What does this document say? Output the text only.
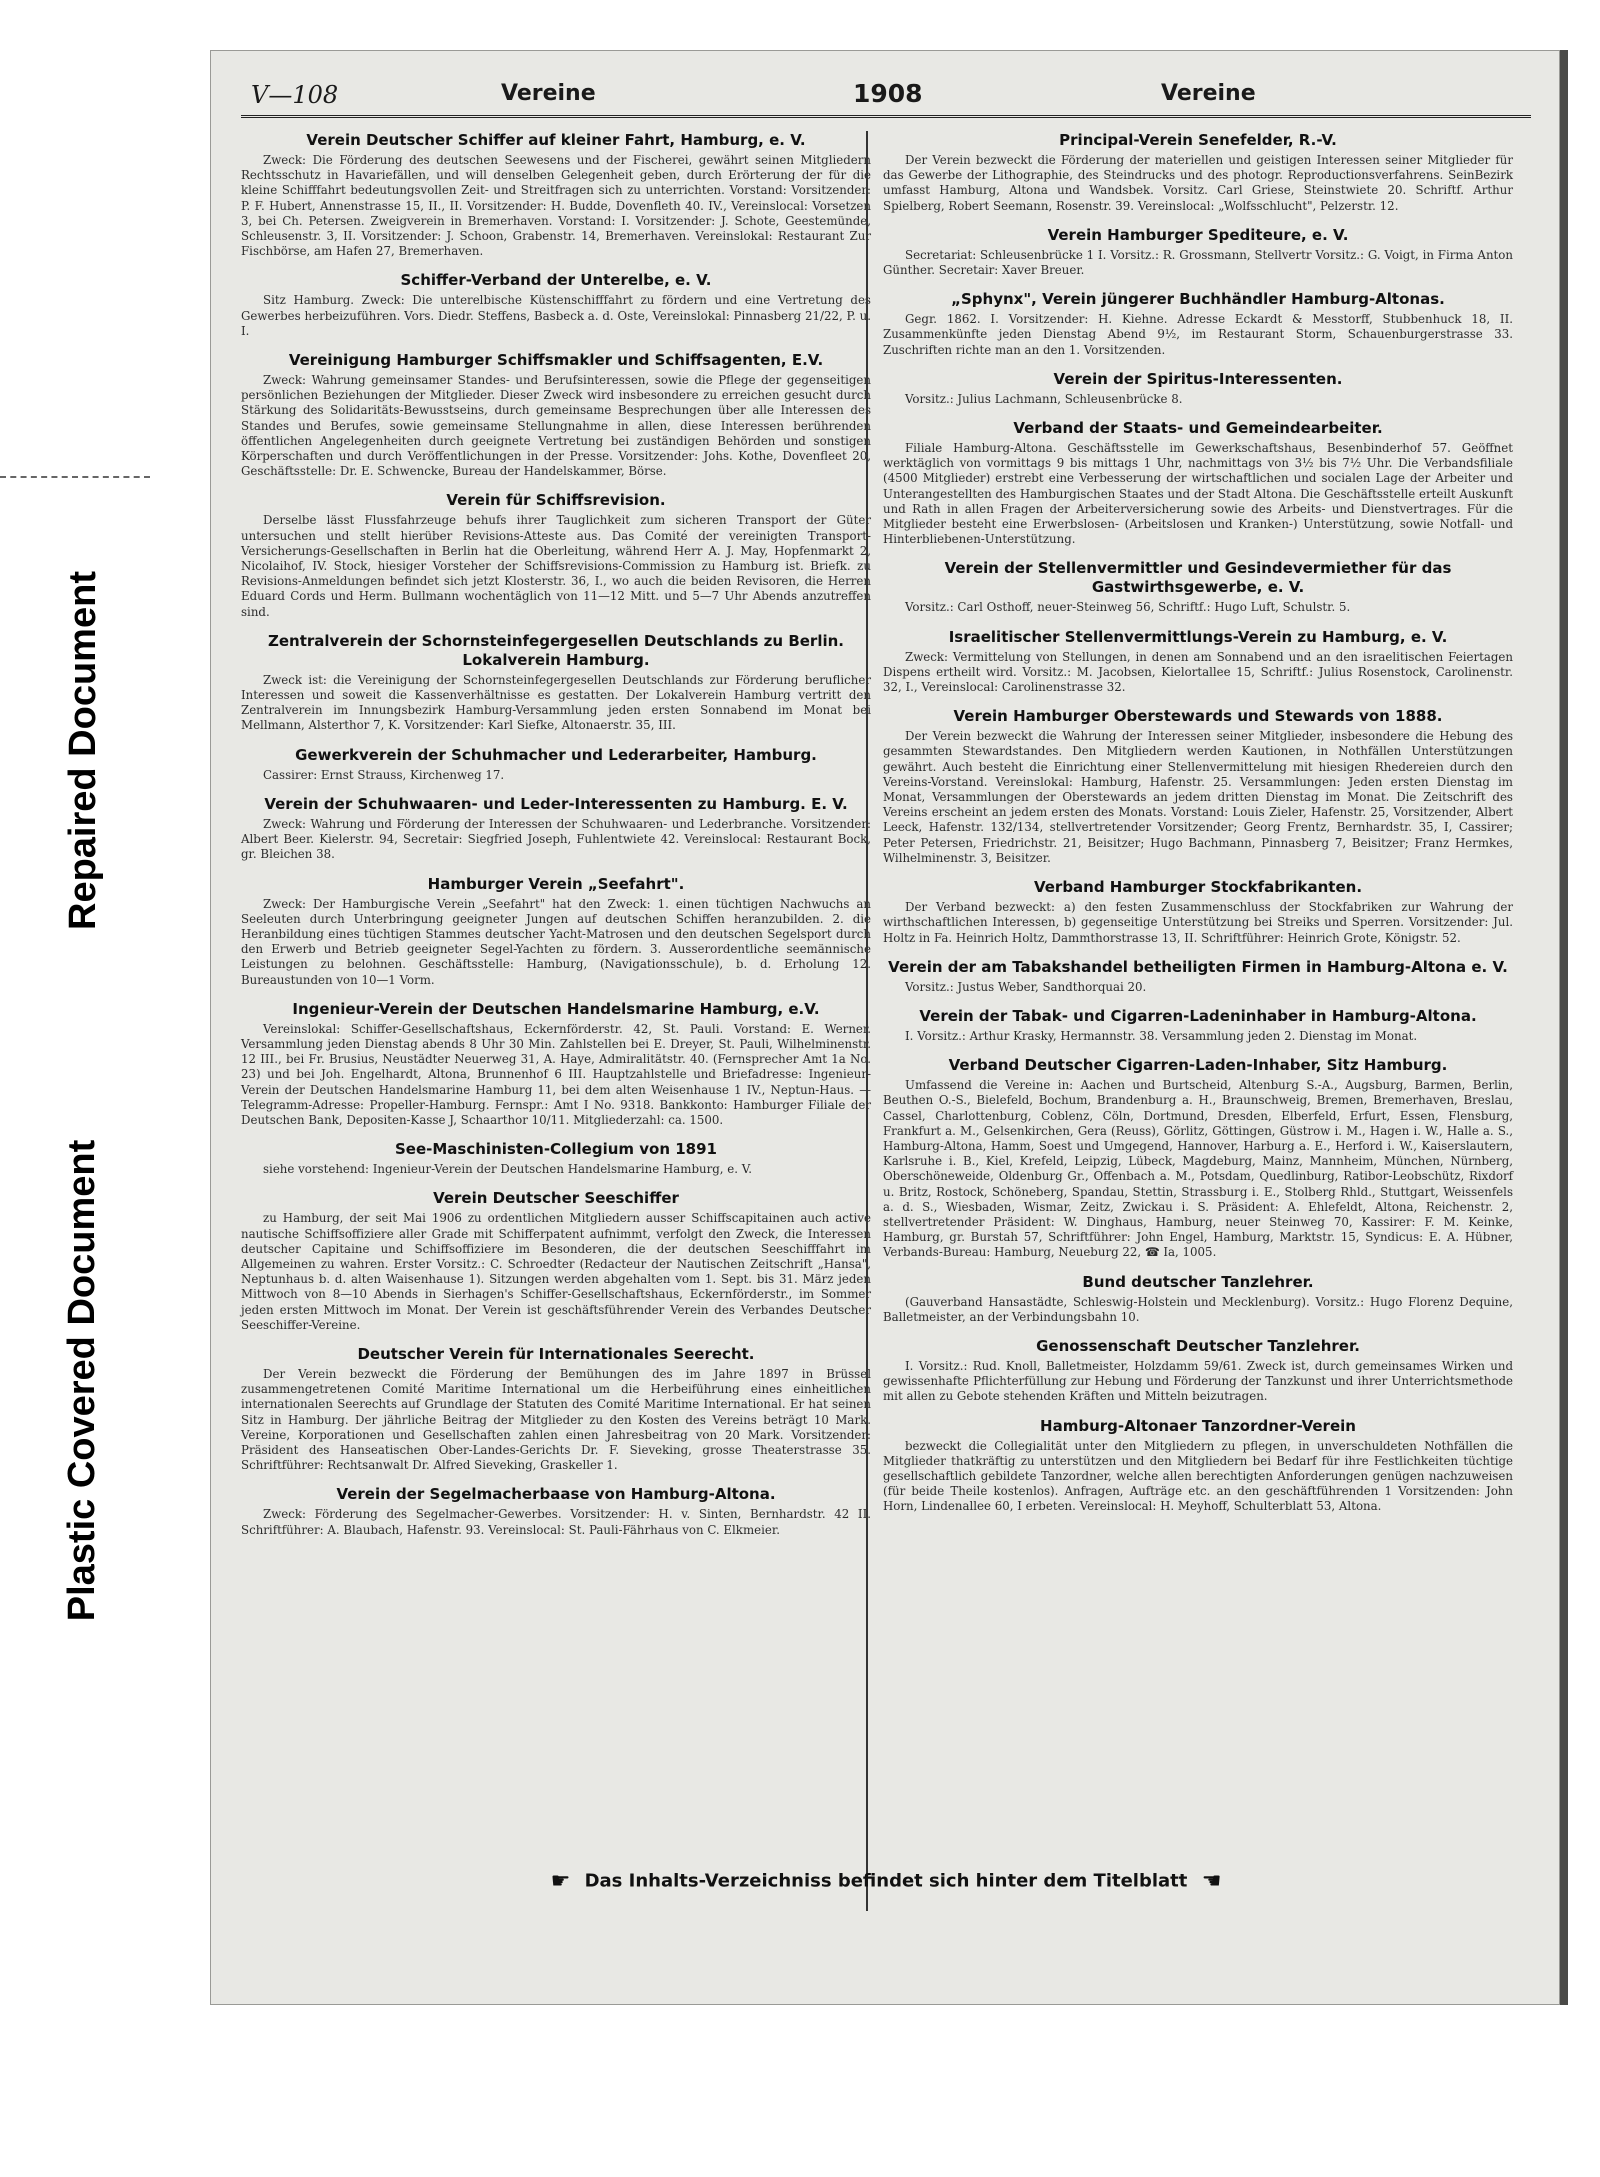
Repaired Document
Plastic Covered Document
V—108	Vereine	1908	Vereine
Verein Deutscher Schiffer auf kleiner Fahrt, Hamburg, e. V.

Zweck: Die Förderung des deutschen Seewesens und der Fischerei, gewährt seinen Mitgliedern Rechtsschutz in Havariefällen, und will denselben Gelegenheit geben, durch Erörterung der für die kleine Schifffahrt bedeutungsvollen Zeit- und Streitfragen sich zu unterrichten. Vorstand: Vorsitzender: P. F. Hubert, Annenstrasse 15, II., II. Vorsitzender: H. Budde, Dovenfleth 40. IV., Vereinslocal: Vorsetzen 3, bei Ch. Petersen. Zweigverein in Bremerhaven. Vorstand: I. Vorsitzender: J. Schote, Geestemünde, Schleusenstr. 3, II. Vorsitzender: J. Schoon, Grabenstr. 14, Bremerhaven. Vereinslokal: Restaurant Zur Fischbörse, am Hafen 27, Bremerhaven.

Schiffer-Verband der Unterelbe, e. V.

Sitz Hamburg. Zweck: Die unterelbische Küstenschifffahrt zu fördern und eine Vertretung des Gewerbes herbeizuführen. Vors. Diedr. Steffens, Basbeck a. d. Oste, Vereinslokal: Pinnasberg 21/22, P. u. I.

Vereinigung Hamburger Schiffsmakler und Schiffsagenten, E.V.

Zweck: Wahrung gemeinsamer Standes- und Berufsinteressen, sowie die Pflege der gegenseitigen persönlichen Beziehungen der Mitglieder. Dieser Zweck wird insbesondere zu erreichen gesucht durch Stärkung des Solidaritäts-Bewusstseins, durch gemeinsame Besprechungen über alle Interessen des Standes und Berufes, sowie gemeinsame Stellungnahme in allen, diese Interessen berührenden öffentlichen Angelegenheiten durch geeignete Vertretung bei zuständigen Behörden und sonstigen Körperschaften und durch Veröffentlichungen in der Presse. Vorsitzender: Johs. Kothe, Dovenfleet 20, Geschäftsstelle: Dr. E. Schwencke, Bureau der Handelskammer, Börse.

Verein für Schiffsrevision.

Derselbe lässt Flussfahrzeuge behufs ihrer Tauglichkeit zum sicheren Transport der Güter untersuchen und stellt hierüber Revisions-Atteste aus. Das Comité der vereinigten Transport-Versicherungs-Gesellschaften in Berlin hat die Oberleitung, während Herr A. J. May, Hopfenmarkt 2, Nicolaihof, IV. Stock, hiesiger Vorsteher der Schiffsrevisions-Commission zu Hamburg ist. Briefk. zu Revisions-Anmeldungen befindet sich jetzt Klosterstr. 36, I., wo auch die beiden Revisoren, die Herren Eduard Cords und Herm. Bullmann wochentäglich von 11—12 Mitt. und 5—7 Uhr Abends anzutreffen sind.

Zentralverein der Schornsteinfegergesellen Deutschlands zu Berlin. Lokalverein Hamburg.

Zweck ist: die Vereinigung der Schornsteinfegergesellen Deutschlands zur Förderung beruflicher Interessen und soweit die Kassenverhältnisse es gestatten. Der Lokalverein Hamburg vertritt den Zentralverein im Innungsbezirk Hamburg-Versammlung jeden ersten Sonnabend im Monat bei Mellmann, Alsterthor 7, K. Vorsitzender: Karl Siefke, Altonaerstr. 35, III.

Gewerkverein der Schuhmacher und Lederarbeiter, Hamburg.

Cassirer: Ernst Strauss, Kirchenweg 17.

Verein der Schuhwaaren- und Leder-Interessenten zu Hamburg. E. V.

Zweck: Wahrung und Förderung der Interessen der Schuhwaaren- und Lederbranche. Vorsitzender: Albert Beer. Kielerstr. 94, Secretair: Siegfried Joseph, Fuhlentwiete 42. Vereinslocal: Restaurant Bock, gr. Bleichen 38.

Hamburger Verein „Seefahrt".

Zweck: Der Hamburgische Verein „Seefahrt" hat den Zweck: 1. einen tüchtigen Nachwuchs an Seeleuten durch Unterbringung geeigneter Jungen auf deutschen Schiffen heranzubilden. 2. die Heranbildung eines tüchtigen Stammes deutscher Yacht-Matrosen und den deutschen Segelsport durch den Erwerb und Betrieb geeigneter Segel-Yachten zu fördern. 3. Ausserordentliche seemännische Leistungen zu belohnen. Geschäftsstelle: Hamburg, (Navigationsschule), b. d. Erholung 12. Bureaustunden von 10—1 Vorm.

Ingenieur-Verein der Deutschen Handelsmarine Hamburg, e.V.

Vereinslokal: Schiffer-Gesellschaftshaus, Eckernförderstr. 42, St. Pauli. Vorstand: E. Werner. Versammlung jeden Dienstag abends 8 Uhr 30 Min. Zahlstellen bei E. Dreyer, St. Pauli, Wilhelminenstr. 12 III., bei Fr. Brusius, Neustädter Neuerweg 31, A. Haye, Admiralitätstr. 40. (Fernsprecher Amt 1a No. 23) und bei Joh. Engelhardt, Altona, Brunnenhof 6 III. Hauptzahlstelle und Briefadresse: Ingenieur-Verein der Deutschen Handelsmarine Hamburg 11, bei dem alten Weisenhause 1 IV., Neptun-Haus. — Telegramm-Adresse: Propeller-Hamburg. Fernspr.: Amt I No. 9318. Bankkonto: Hamburger Filiale der Deutschen Bank, Depositen-Kasse J, Schaarthor 10/11. Mitgliederzahl: ca. 1500.

See-Maschinisten-Collegium von 1891

siehe vorstehend: Ingenieur-Verein der Deutschen Handelsmarine Hamburg, e. V.

Verein Deutscher Seeschiffer

zu Hamburg, der seit Mai 1906 zu ordentlichen Mitgliedern ausser Schiffscapitainen auch active nautische Schiffsoffiziere aller Grade mit Schifferpatent aufnimmt, verfolgt den Zweck, die Interessen deutscher Capitaine und Schiffsoffiziere im Besonderen, die der deutschen Seeschifffahrt im Allgemeinen zu wahren. Erster Vorsitz.: C. Schroedter (Redacteur der Nautischen Zeitschrift „Hansa", Neptunhaus b. d. alten Waisenhause 1). Sitzungen werden abgehalten vom 1. Sept. bis 31. März jeden Mittwoch von 8—10 Abends in Sierhagen's Schiffer-Gesellschaftshaus, Eckernförderstr., im Sommer jeden ersten Mittwoch im Monat. Der Verein ist geschäftsführender Verein des Verbandes Deutscher Seeschiffer-Vereine.

Deutscher Verein für Internationales Seerecht.

Der Verein bezweckt die Förderung der Bemühungen des im Jahre 1897 in Brüssel zusammengetretenen Comité Maritime International um die Herbeiführung eines einheitlichen internationalen Seerechts auf Grundlage der Statuten des Comité Maritime International. Er hat seinen Sitz in Hamburg. Der jährliche Beitrag der Mitglieder zu den Kosten des Vereins beträgt 10 Mark. Vereine, Korporationen und Gesellschaften zahlen einen Jahresbeitrag von 20 Mark. Vorsitzender: Präsident des Hanseatischen Ober-Landes-Gerichts Dr. F. Sieveking, grosse Theaterstrasse 35. Schriftführer: Rechtsanwalt Dr. Alfred Sieveking, Graskeller 1.

Verein der Segelmacherbaase von Hamburg-Altona.

Zweck: Förderung des Segelmacher-Gewerbes. Vorsitzender: H. v. Sinten, Bernhardstr. 42 II. Schriftführer: A. Blaubach, Hafenstr. 93. Vereinslocal: St. Pauli-Fährhaus von C. Elkmeier.

Principal-Verein Senefelder, R.-V.

Der Verein bezweckt die Förderung der materiellen und geistigen Interessen seiner Mitglieder für das Gewerbe der Lithographie, des Steindrucks und des photogr. Reproductionsverfahrens. SeinBezirk umfasst Hamburg, Altona und Wandsbek. Vorsitz. Carl Griese, Steinstwiete 20. Schriftf. Arthur Spielberg, Robert Seemann, Rosenstr. 39. Vereinslocal: „Wolfsschlucht", Pelzerstr. 12.

Verein Hamburger Spediteure, e. V.

Secretariat: Schleusenbrücke 1 I. Vorsitz.: R. Grossmann, Stellvertr Vorsitz.: G. Voigt, in Firma Anton Günther. Secretair: Xaver Breuer.

„Sphynx", Verein jüngerer Buchhändler Hamburg-Altonas.

Gegr. 1862. I. Vorsitzender: H. Kiehne. Adresse Eckardt & Messtorff, Stubbenhuck 18, II. Zusammenkünfte jeden Dienstag Abend 9½, im Restaurant Storm, Schauenburgerstrasse 33. Zuschriften richte man an den 1. Vorsitzenden.

Verein der Spiritus-Interessenten.

Vorsitz.: Julius Lachmann, Schleusenbrücke 8.

Verband der Staats- und Gemeindearbeiter.

Filiale Hamburg-Altona. Geschäftsstelle im Gewerkschaftshaus, Besenbinderhof 57. Geöffnet werktäglich von vormittags 9 bis mittags 1 Uhr, nachmittags von 3½ bis 7½ Uhr. Die Verbandsfiliale (4500 Mitglieder) erstrebt eine Verbesserung der wirtschaftlichen und socialen Lage der Arbeiter und Unterangestellten des Hamburgischen Staates und der Stadt Altona. Die Geschäftsstelle erteilt Auskunft und Rath in allen Fragen der Arbeiterversicherung sowie des Arbeits- und Dienstvertrages. Für die Mitglieder besteht eine Erwerbslosen- (Arbeitslosen und Kranken-) Unterstützung, sowie Notfall- und Hinterbliebenen-Unterstützung.

Verein der Stellenvermittler und Gesindevermiether für das Gastwirthsgewerbe, e. V.

Vorsitz.: Carl Osthoff, neuer-Steinweg 56, Schriftf.: Hugo Luft, Schulstr. 5.

Israelitischer Stellenvermittlungs-Verein zu Hamburg, e. V.

Zweck: Vermittelung von Stellungen, in denen am Sonnabend und an den israelitischen Feiertagen Dispens ertheilt wird. Vorsitz.: M. Jacobsen, Kielortallee 15, Schriftf.: Julius Rosenstock, Carolinenstr. 32, I., Vereinslocal: Carolinenstrasse 32.

Verein Hamburger Oberstewards und Stewards von 1888.

Der Verein bezweckt die Wahrung der Interessen seiner Mitglieder, insbesondere die Hebung des gesammten Stewardstandes. Den Mitgliedern werden Kautionen, in Nothfällen Unterstützungen gewährt. Auch besteht die Einrichtung einer Stellenvermittelung mit hiesigen Rhedereien durch den Vereins-Vorstand. Vereinslokal: Hamburg, Hafenstr. 25. Versammlungen: Jeden ersten Dienstag im Monat, Versammlungen der Oberstewards an jedem dritten Dienstag im Monat. Die Zeitschrift des Vereins erscheint an jedem ersten des Monats. Vorstand: Louis Zieler, Hafenstr. 25, Vorsitzender, Albert Leeck, Hafenstr. 132/134, stellvertretender Vorsitzender; Georg Frentz, Bernhardstr. 35, I, Cassirer; Peter Petersen, Friedrichstr. 21, Beisitzer; Hugo Bachmann, Pinnasberg 7, Beisitzer; Franz Hermkes, Wilhelminenstr. 3, Beisitzer.

Verband Hamburger Stockfabrikanten.

Der Verband bezweckt: a) den festen Zusammenschluss der Stockfabriken zur Wahrung der wirthschaftlichen Interessen, b) gegenseitige Unterstützung bei Streiks und Sperren. Vorsitzender: Jul. Holtz in Fa. Heinrich Holtz, Dammthorstrasse 13, II. Schriftführer: Heinrich Grote, Königstr. 52.

Verein der am Tabakshandel betheiligten Firmen in Hamburg-Altona e. V.

Vorsitz.: Justus Weber, Sandthorquai 20.

Verein der Tabak- und Cigarren-Ladeninhaber in Hamburg-Altona.

I. Vorsitz.: Arthur Krasky, Hermannstr. 38. Versammlung jeden 2. Dienstag im Monat.

Verband Deutscher Cigarren-Laden-Inhaber, Sitz Hamburg.

Umfassend die Vereine in: Aachen und Burtscheid, Altenburg S.-A., Augsburg, Barmen, Berlin, Beuthen O.-S., Bielefeld, Bochum, Brandenburg a. H., Braunschweig, Bremen, Bremerhaven, Breslau, Cassel, Charlottenburg, Coblenz, Cöln, Dortmund, Dresden, Elberfeld, Erfurt, Essen, Flensburg, Frankfurt a. M., Gelsenkirchen, Gera (Reuss), Görlitz, Göttingen, Güstrow i. M., Hagen i. W., Halle a. S., Hamburg-Altona, Hamm, Soest und Umgegend, Hannover, Harburg a. E., Herford i. W., Kaiserslautern, Karlsruhe i. B., Kiel, Krefeld, Leipzig, Lübeck, Magdeburg, Mainz, Mannheim, München, Nürnberg, Oberschöneweide, Oldenburg Gr., Offenbach a. M., Potsdam, Quedlinburg, Ratibor-Leobschütz, Rixdorf u. Britz, Rostock, Schöneberg, Spandau, Stettin, Strassburg i. E., Stolberg Rhld., Stuttgart, Weissenfels a. d. S., Wiesbaden, Wismar, Zeitz, Zwickau i. S. Präsident: A. Ehlefeldt, Altona, Reichenstr. 2, stellvertretender Präsident: W. Dinghaus, Hamburg, neuer Steinweg 70, Kassirer: F. M. Keinke, Hamburg, gr. Burstah 57, Schriftführer: John Engel, Hamburg, Marktstr. 15, Syndicus: E. A. Hübner, Verbands-Bureau: Hamburg, Neueburg 22, ☎ Ia, 1005.

Bund deutscher Tanzlehrer.

(Gauverband Hansastädte, Schleswig-Holstein und Mecklenburg). Vorsitz.: Hugo Florenz Dequine, Balletmeister, an der Verbindungsbahn 10.

Genossenschaft Deutscher Tanzlehrer.

I. Vorsitz.: Rud. Knoll, Balletmeister, Holzdamm 59/61. Zweck ist, durch gemeinsames Wirken und gewissenhafte Pflichterfüllung zur Hebung und Förderung der Tanzkunst und ihrer Unterrichtsmethode mit allen zu Gebote stehenden Kräften und Mitteln beizutragen.

Hamburg-Altonaer Tanzordner-Verein

bezweckt die Collegialität unter den Mitgliedern zu pflegen, in unverschuldeten Nothfällen die Mitglieder thatkräftig zu unterstützen und den Mitgliedern bei Bedarf für ihre Festlichkeiten tüchtige gesellschaftlich gebildete Tanzordner, welche allen berechtigten Anforderungen genügen nachzuweisen (für beide Theile kostenlos). Anfragen, Aufträge etc. an den geschäftführenden 1 Vorsitzenden: John Horn, Lindenallee 60, I erbeten. Vereinslocal: H. Meyhoff, Schulterblatt 53, Altona.

☛ Das Inhalts-Verzeichniss befindet sich hinter dem Titelblatt ☚
